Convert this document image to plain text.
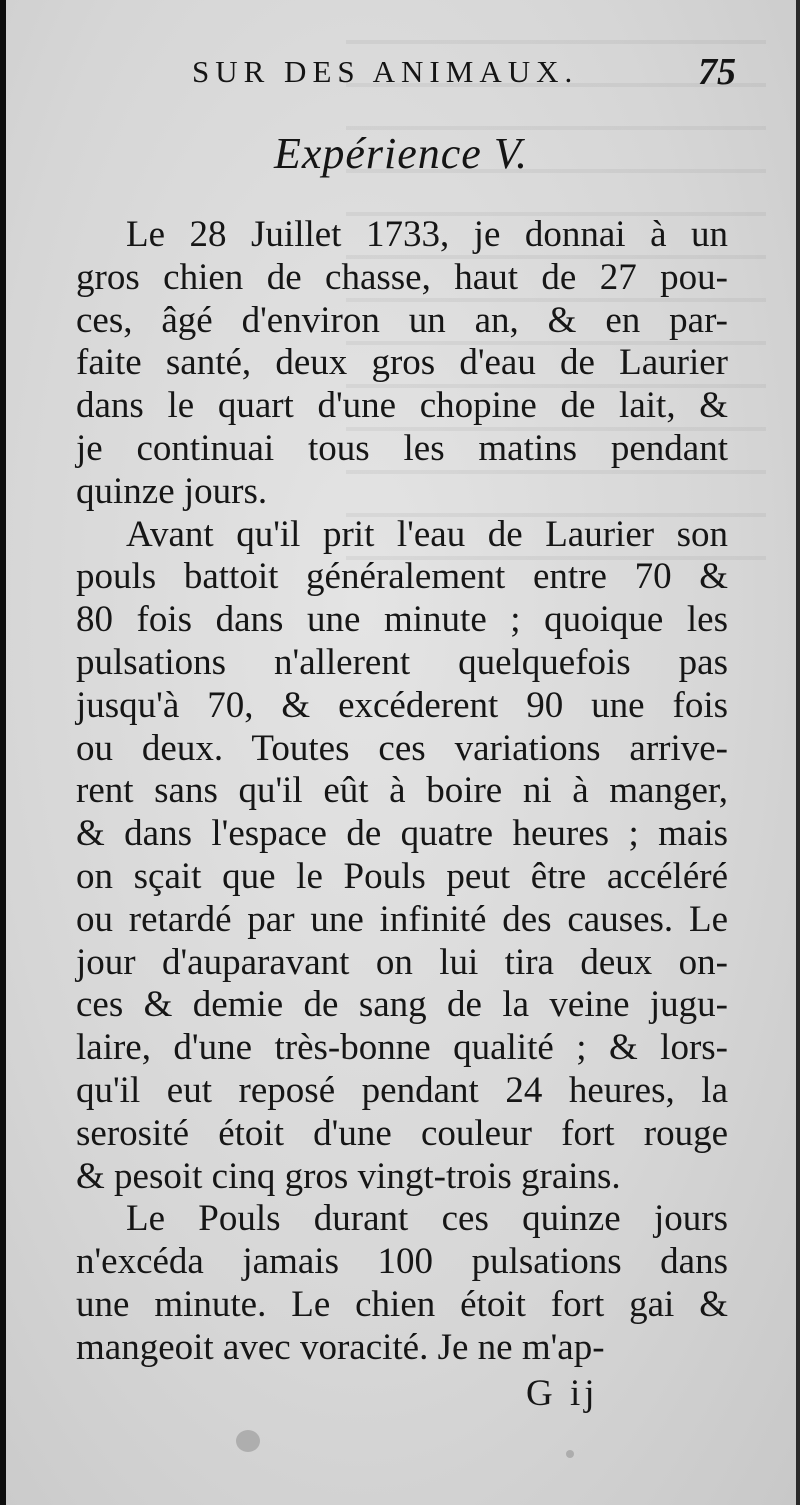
SUR DES ANIMAUX.	75
Expérience V.

Le 28 Juillet 1733, je donnai à un
gros chien de chasse, haut de 27 pou-
ces, âgé d'environ un an, & en par-
faite santé, deux gros d'eau de Laurier
dans le quart d'une chopine de lait, &
je continuai tous les matins pendant
quinze jours.

Avant qu'il prit l'eau de Laurier son
pouls battoit généralement entre 70 &
80 fois dans une minute ; quoique les
pulsations n'allerent quelquefois pas
jusqu'à 70, & excéderent 90 une fois
ou deux. Toutes ces variations arrive-
rent sans qu'il eût à boire ni à manger,
& dans l'espace de quatre heures ; mais
on sçait que le Pouls peut être accéléré
ou retardé par une infinité des causes. Le
jour d'auparavant on lui tira deux on-
ces & demie de sang de la veine jugu-
laire, d'une très-bonne qualité ; & lors-
qu'il eut reposé pendant 24 heures, la
serosité étoit d'une couleur fort rouge
& pesoit cinq gros vingt-trois grains.

Le Pouls durant ces quinze jours
n'excéda jamais 100 pulsations dans
une minute. Le chien étoit fort gai &
mangeoit avec voracité. Je ne m'ap-

G ij
